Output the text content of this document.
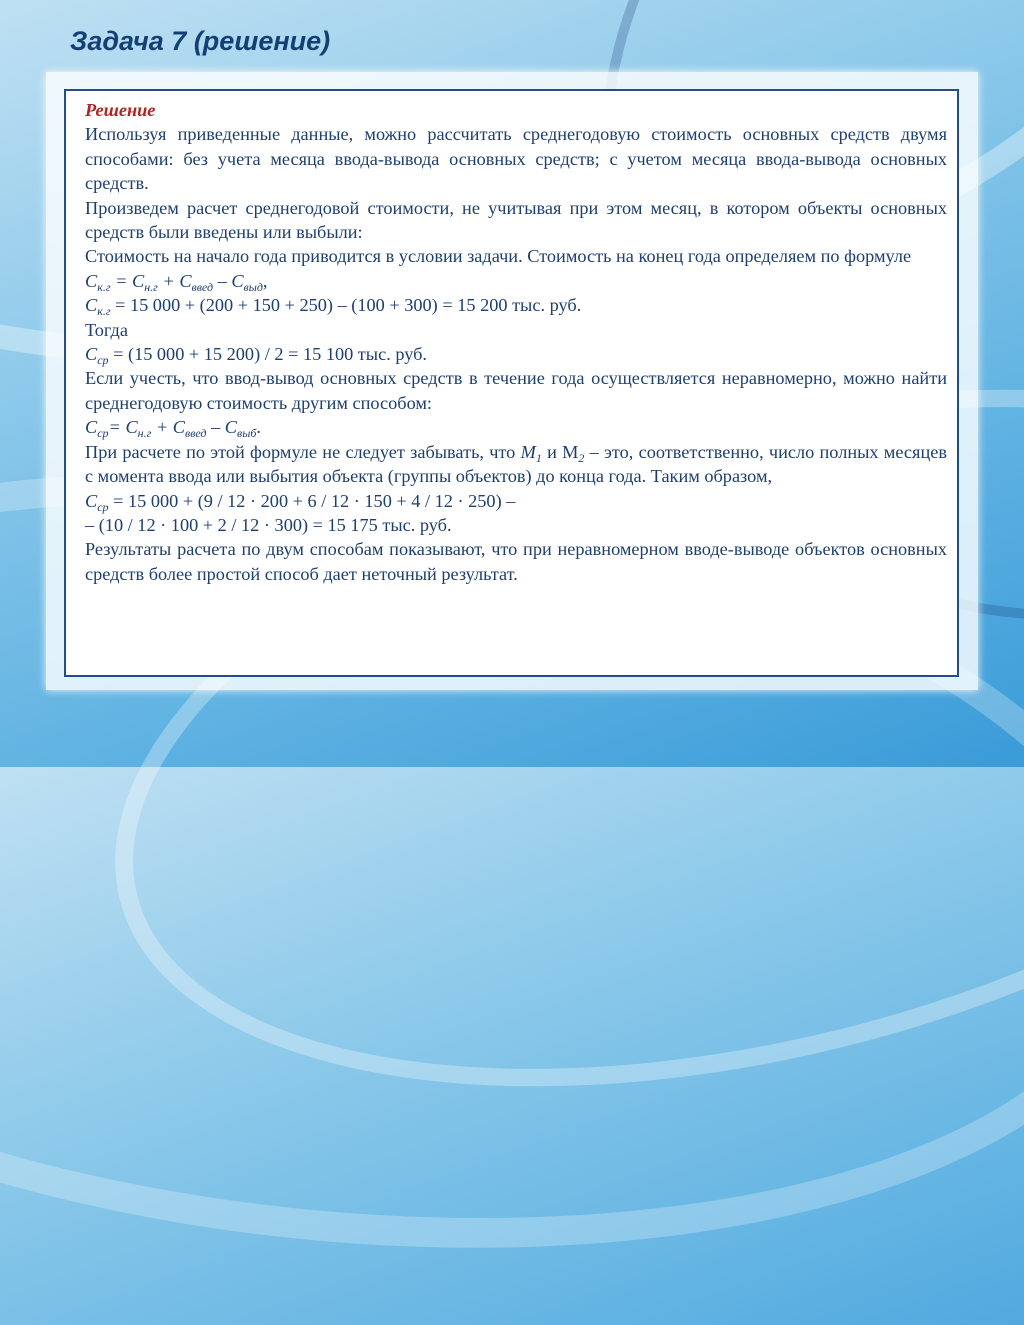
Задача 7 (решение)

Решение

Используя приведенные данные, можно рассчитать среднегодовую стоимость основных средств двумя способами: без учета месяца ввода-вывода основных средств; с учетом месяца ввода-вывода основных средств.

Произведем расчет среднегодовой стоимости, не учитывая при этом месяц, в котором объекты основных средств были введены или выбыли:

Стоимость на начало года приводится в условии задачи. Стоимость на конец года определяем по формуле

$С_{к.г} = С_{н.г} + С_{введ} - С_{выд}$,

$С_{к.г} = 15$ 000 + (200 + 150 + 250) – (100 + 300) = 15 200 тыс. руб.

Тогда

$С_{ср} = (15$ 000 + 15 200) / 2 = 15 100 тыс. руб.

Если учесть, что ввод-вывод основных средств в течение года осуществляется неравномерно, можно найти среднегодовую стоимость другим способом:

$С_{ср}= С_{н.г} + С_{введ} - С_{выб}$.

При расчете по этой формуле не следует забывать, что $М_1$ и $М_2$ – это, соответственно, число полных месяцев с момента ввода или выбытия объекта (группы объектов) до конца года. Таким образом,

$С_{ср} = 15$ 000 + (9 / 12 · 200 + 6 / 12 · 150 + 4 / 12 · 250) –

– (10 / 12 · 100 + 2 / 12 · 300) = 15 175 тыс. руб.

Результаты расчета по двум способам показывают, что при неравномерном вводе-выводе объектов основных средств более простой способ дает неточный результат.
